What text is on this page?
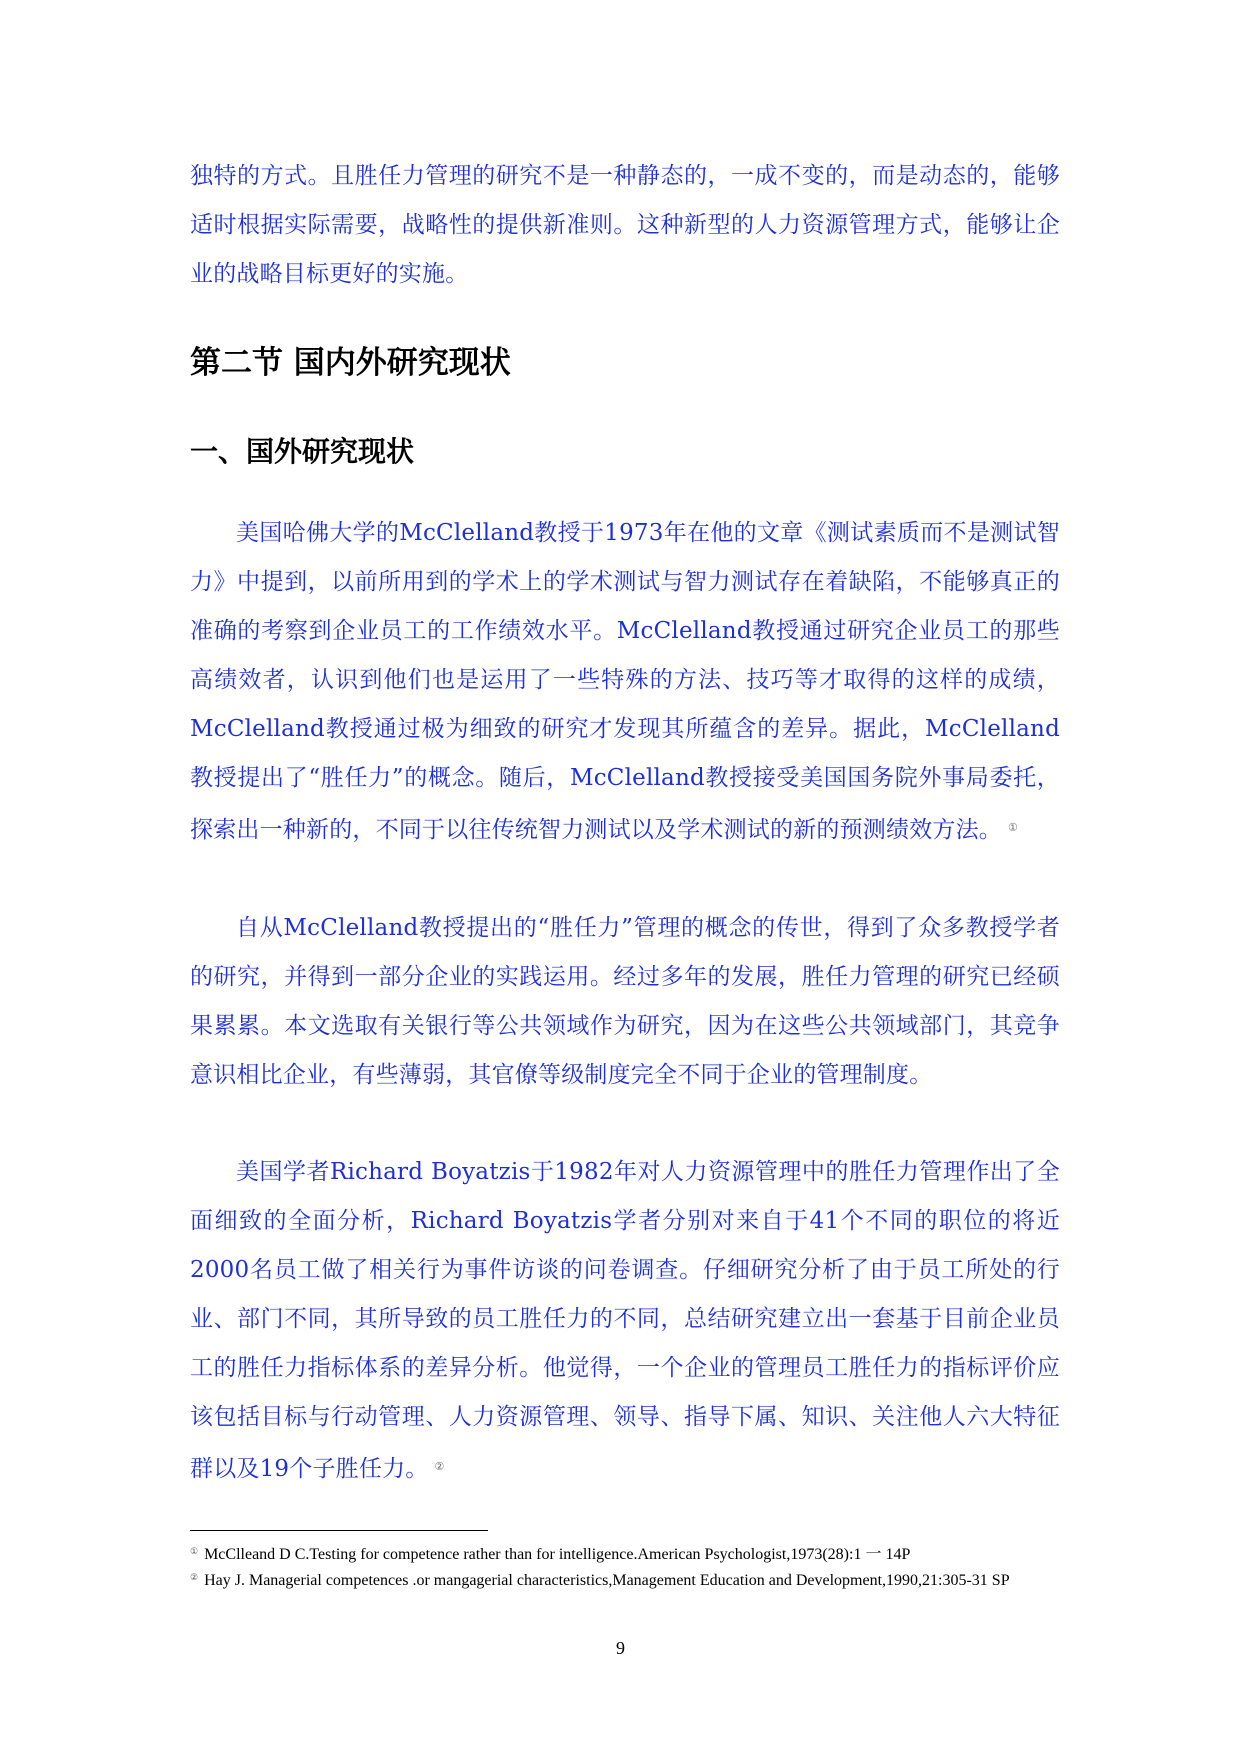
独特的方式。且胜任力管理的研究不是一种静态的，一成不变的，而是动态的，能够适时根据实际需要，战略性的提供新准则。这种新型的人力资源管理方式，能够让企业的战略目标更好的实施。

第二节 国内外研究现状
一、国外研究现状

美国哈佛大学的McClelland教授于1973年在他的文章《测试素质而不是测试智力》中提到，以前所用到的学术上的学术测试与智力测试存在着缺陷，不能够真正的准确的考察到企业员工的工作绩效水平。McClelland教授通过研究企业员工的那些高绩效者，认识到他们也是运用了一些特殊的方法、技巧等才取得的这样的成绩，McClelland教授通过极为细致的研究才发现其所蕴含的差异。据此，McClelland教授提出了“胜任力”的概念。随后，McClelland教授接受美国国务院外事局委托，探索出一种新的，不同于以往传统智力测试以及学术测试的新的预测绩效方法。 ①

自从McClelland教授提出的“胜任力”管理的概念的传世，得到了众多教授学者的研究，并得到一部分企业的实践运用。经过多年的发展，胜任力管理的研究已经硕果累累。本文选取有关银行等公共领域作为研究，因为在这些公共领域部门，其竞争意识相比企业，有些薄弱，其官僚等级制度完全不同于企业的管理制度。

美国学者Richard Boyatzis于1982年对人力资源管理中的胜任力管理作出了全面细致的全面分析，Richard Boyatzis学者分别对来自于41个不同的职位的将近2000名员工做了相关行为事件访谈的问卷调查。仔细研究分析了由于员工所处的行业、部门不同，其所导致的员工胜任力的不同，总结研究建立出一套基于目前企业员工的胜任力指标体系的差异分析。他觉得，一个企业的管理员工胜任力的指标评价应该包括目标与行动管理、人力资源管理、领导、指导下属、知识、关注他人六大特征群以及19个子胜任力。 ②

① McClleand D C.Testing for competence rather than for intelligence.American Psychologist,1973(28):1 一 14P

② Hay J. Managerial competences .or mangagerial characteristics,Management Education and Development,1990,21:305-31 SP

9
